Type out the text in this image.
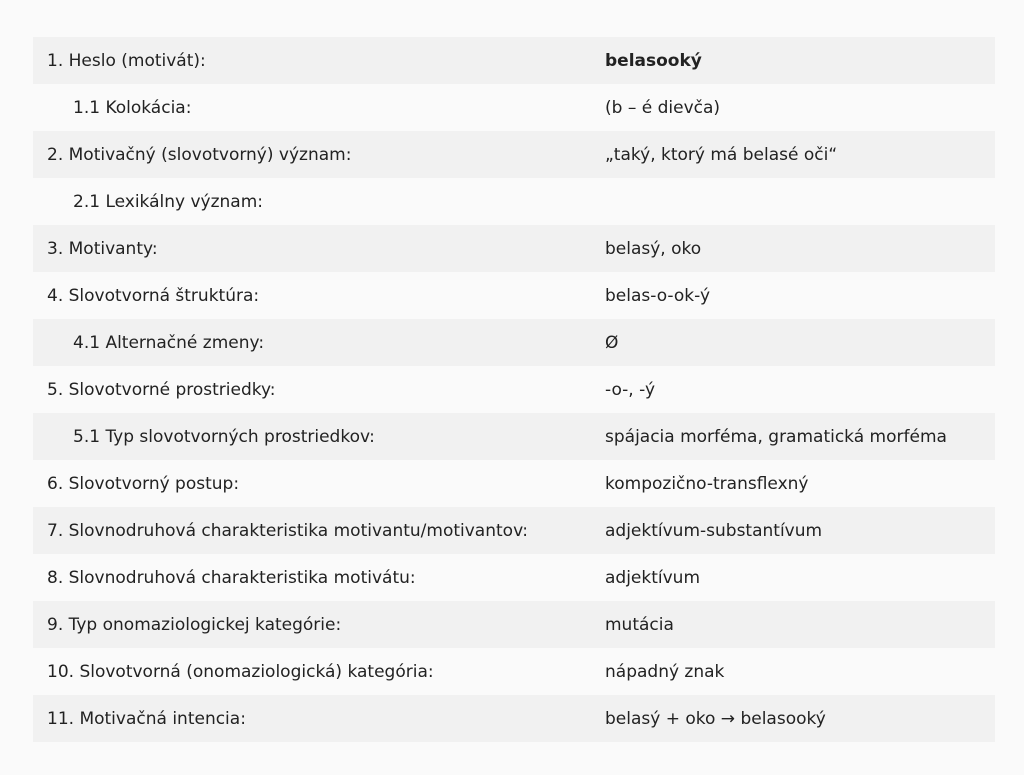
1. Heslo (motivát):	belasooký
1.1 Kolokácia:	(b – é dievča)
2. Motivačný (slovotvorný) význam:	„taký, ktorý má belasé oči“
2.1 Lexikálny význam:
3. Motivanty:	belasý, oko
4. Slovotvorná štruktúra:	belas-o-ok-ý
4.1 Alternačné zmeny:	Ø
5. Slovotvorné prostriedky:	-o-, -ý
5.1 Typ slovotvorných prostriedkov:	spájacia morféma, gramatická morféma
6. Slovotvorný postup:	kompozično-transflexný
7. Slovnodruhová charakteristika motivantu/motivantov:	adjektívum-substantívum
8. Slovnodruhová charakteristika motivátu:	adjektívum
9. Typ onomaziologickej kategórie:	mutácia
10. Slovotvorná (onomaziologická) kategória:	nápadný znak
11. Motivačná intencia:	belasý + oko → belasooký
